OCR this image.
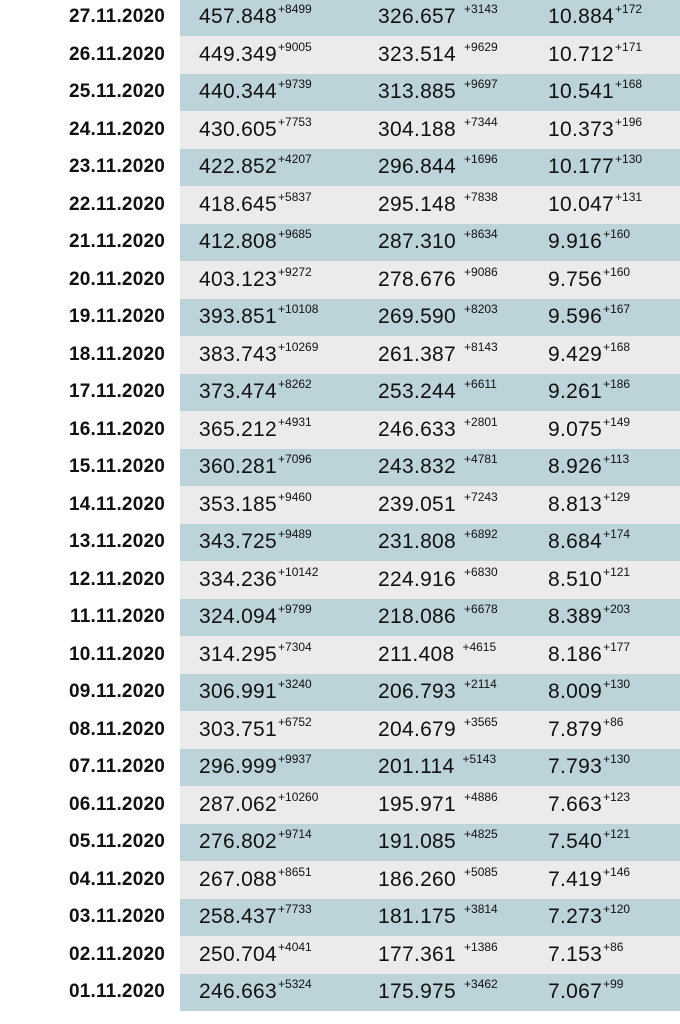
27.11.2020 457.848 +8499	326.657 +3143 10.884 +172
26.11.2020 449.349 +9005	323.514 +9629 10.712 +171
25.11.2020 440.344 +9739	313.885 +9697 10.541 +168
24.11.2020 430.605 +7753	304.188 +7344 10.373 +196
23.11.2020 422.852 +4207	296.844 +1696 10.177 +130
22.11.2020 418.645 +5837	295.148 +7838 10.047 +131
21.11.2020 412.808 +9685	287.310 +8634 9.916 +160
20.11.2020 403.123 +9272	278.676 +9086 9.756 +160
19.11.2020 393.851 +10108	269.590 +8203 9.596 +167
18.11.2020 383.743 +10269	261.387 +8143 9.429 +168
17.11.2020 373.474 +8262	253.244 +6611 9.261 +186
16.11.2020 365.212 +4931	246.633 +2801 9.075 +149
15.11.2020 360.281 +7096	243.832 +4781 8.926 +113
14.11.2020 353.185 +9460	239.051 +7243 8.813 +129
13.11.2020 343.725 +9489	231.808 +6892 8.684 +174
12.11.2020 334.236 +10142	224.916 +6830 8.510 +121
11.11.2020 324.094 +9799	218.086 +6678 8.389 +203
10.11.2020 314.295 +7304	211.408 +4615 8.186 +177
09.11.2020 306.991 +3240	206.793 +2114 8.009 +130
08.11.2020 303.751 +6752	204.679 +3565 7.879 +86
07.11.2020 296.999 +9937	201.114 +5143 7.793 +130
06.11.2020 287.062 +10260	195.971 +4886 7.663 +123
05.11.2020 276.802 +9714	191.085 +4825 7.540 +121
04.11.2020 267.088 +8651	186.260 +5085 7.419 +146
03.11.2020 258.437 +7733	181.175 +3814 7.273 +120
02.11.2020 250.704 +4041	177.361 +1386 7.153 +86
01.11.2020 246.663 +5324	175.975 +3462 7.067 +99
